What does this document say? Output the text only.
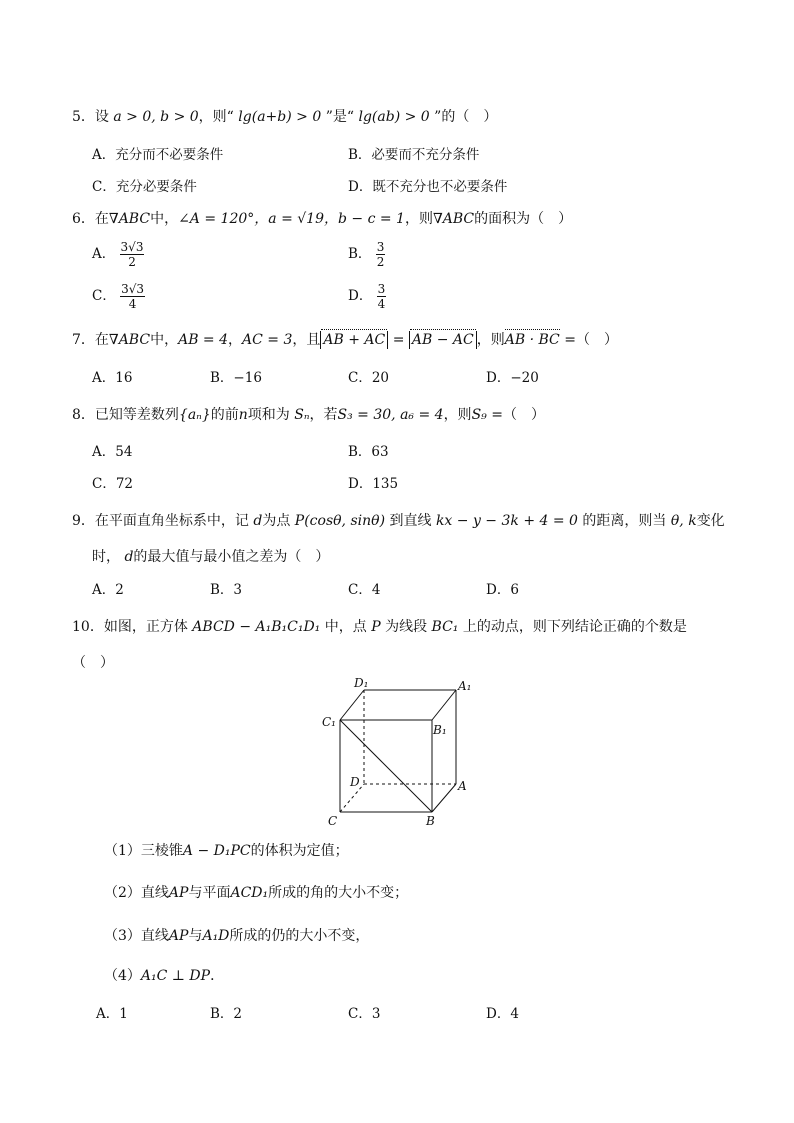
5．设 a > 0, b > 0，则“ lg(a+b) > 0 ”是“ lg(ab) > 0 ”的（　）
A．充分而不必要条件	B．必要而不充分条件
C．充分必要条件	D．既不充分也不必要条件
6．在∇ABC中，∠A = 120°，a = √19，b − c = 1，则∇ABC的面积为（　）
A． $\frac{3√3}{2}$	B． $\frac{3}{2}$
C． $\frac{3√3}{4}$	D． $\frac{3}{4}$
7．在∇ABC中，AB = 4，AC = 3，且 AB + AC = AB − AC ，则AB · BC =（　）
A．16	B．−16	C．20	D．−20
8．已知等差数列{aₙ}的前n项和为 Sₙ，若S₃ = 30, a₆ = 4，则S₉ =（　）
A．54	B．63
C．72	D．135
9．在平面直角坐标系中，记 d为点 P(cosθ, sinθ) 到直线 kx − y − 3k + 4 = 0 的距离，则当 θ, k变化
时， d的最大值与最小值之差为（　）
A．2	B．3	C．4	D．6
10．如图，正方体 ABCD − A₁B₁C₁D₁ 中，点 P 为线段 BC₁ 上的动点，则下列结论正确的个数是
（　）
D₁	A₁
C₁
B₁
D	A
C	B
（1）三棱锥A − D₁PC的体积为定值；
（2）直线AP与平面ACD₁所成的角的大小不变；
（3）直线AP与A₁D所成的仍的大小不变，
（4）A₁C ⊥ DP．
A．1	B．2	C．3	D．4
